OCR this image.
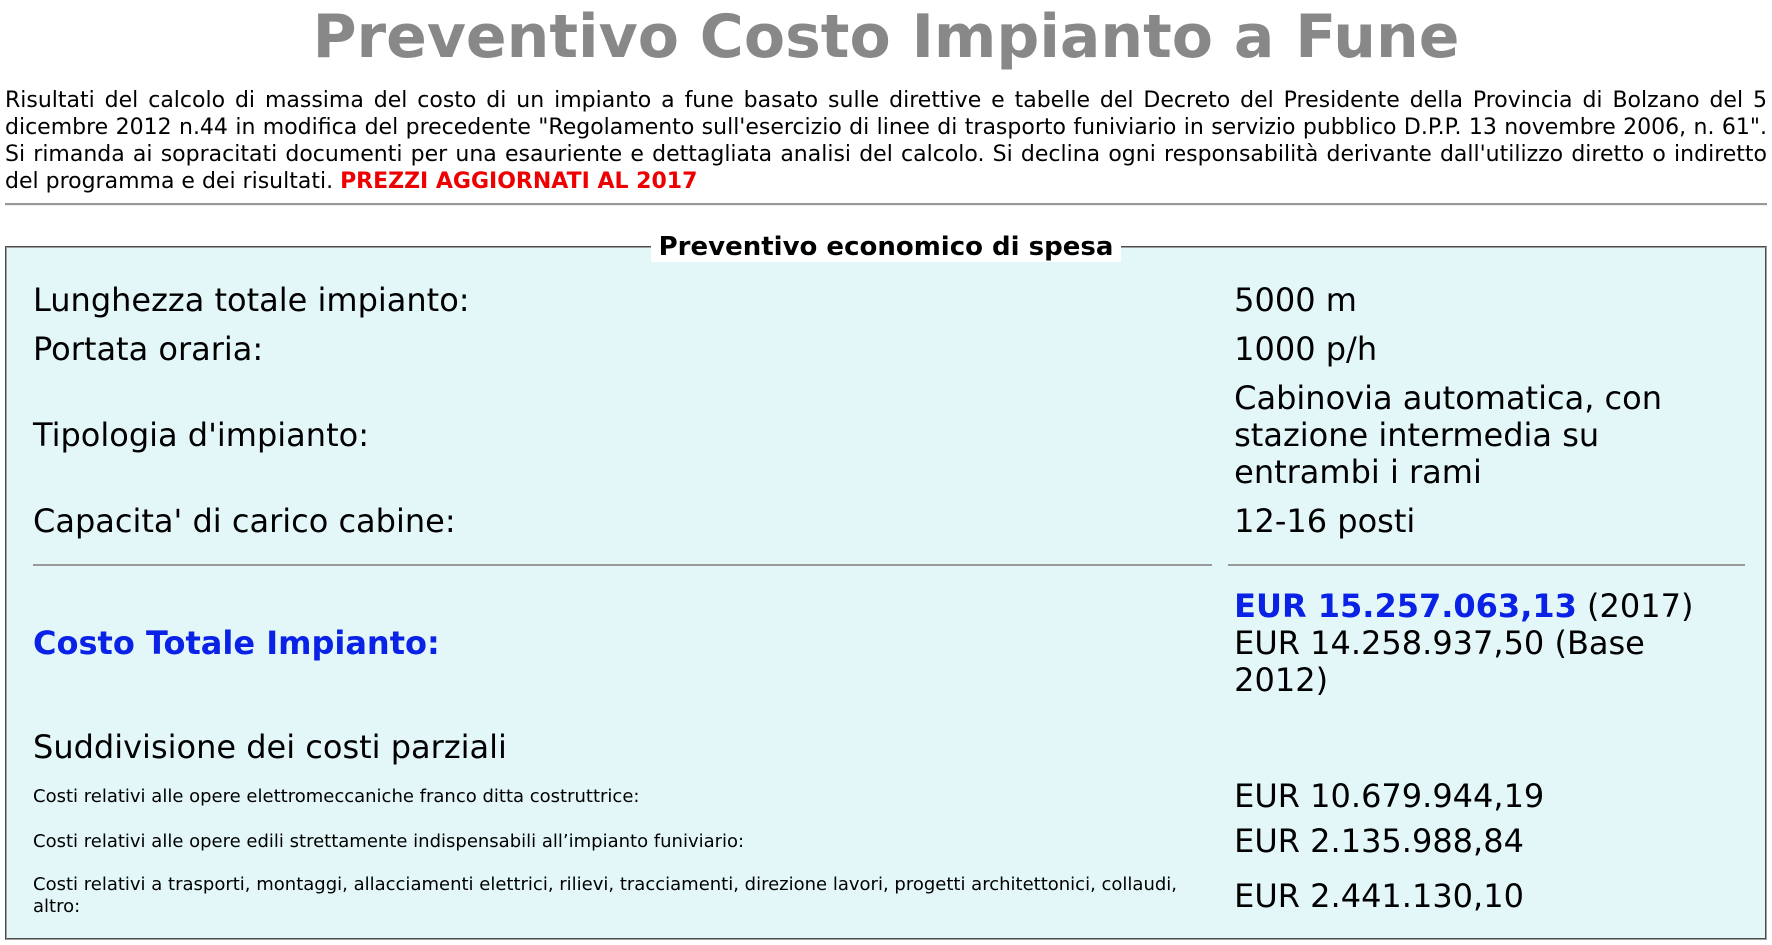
Preventivo Costo Impianto a Fune

Risultati del calcolo di massima del costo di un impianto a fune basato sulle direttive e tabelle del Decreto del Presidente della Provincia di Bolzano del 5 dicembre 2012 n.44 in modifica del precedente "Regolamento sull'esercizio di linee di trasporto funiviario in servizio pubblico D.P.P. 13 novembre 2006, n. 61". Si rimanda ai sopracitati documenti per una esauriente e dettagliata analisi del calcolo. Si declina ogni responsabilità derivante dall'utilizzo diretto o indiretto del programma e dei risultati. PREZZI AGGIORNATI AL 2017

Preventivo economico di spesa
Lunghezza totale impianto:	5000 m
Portata oraria:	1000 p/h
Tipologia d'impianto:	Cabinovia automatica, con stazione intermedia su entrambi i rami
Capacita' di carico cabine:	12-16 posti

Costo Totale Impianto:	EUR 15.257.063,13 (2017)
EUR 14.258.937,50 (Base 2012)

Suddivisione dei costi parziali	
Costi relativi alle opere elettromeccaniche franco ditta costruttrice:	EUR 10.679.944,19
Costi relativi alle opere edili strettamente indispensabili all’impianto funiviario:	EUR 2.135.988,84
Costi relativi a trasporti, montaggi, allacciamenti elettrici, rilievi, tracciamenti, direzione lavori, progetti architettonici, collaudi, altro:	EUR 2.441.130,10
